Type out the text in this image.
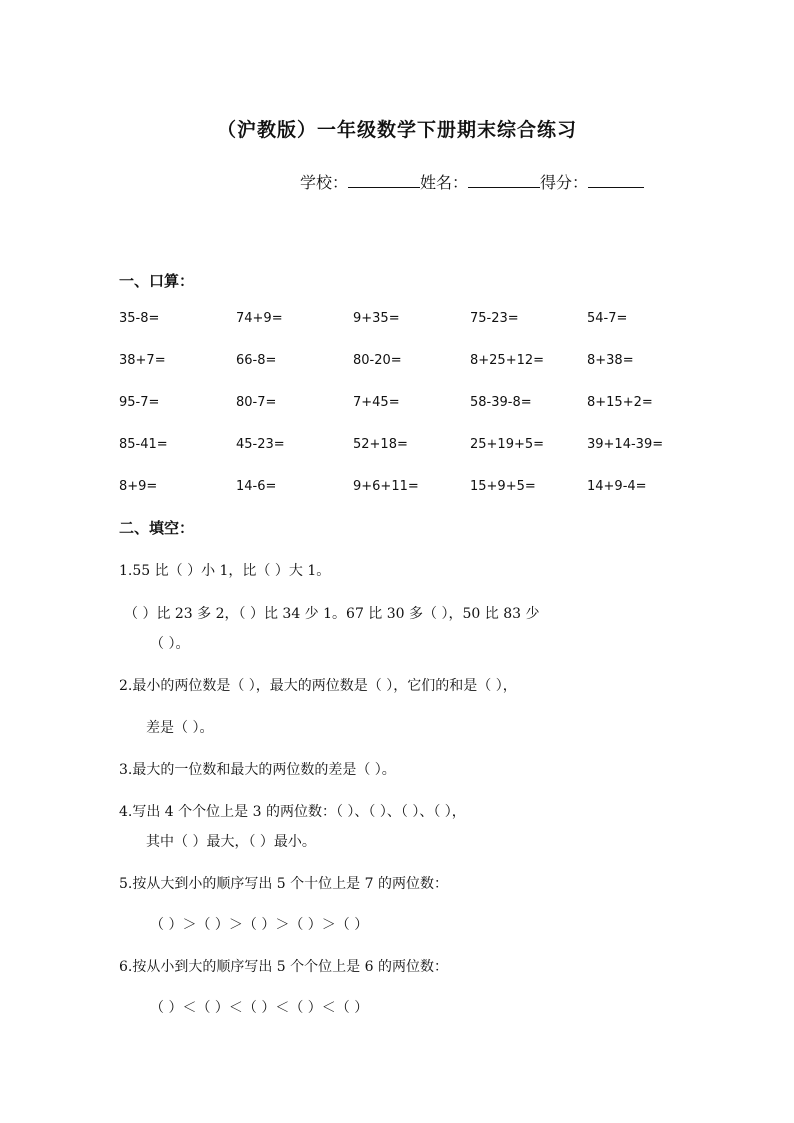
（沪教版）一年级数学下册期末综合练习
学校：	姓名：	得分：
一、口算：
35-8=	74+9=	9+35=	75-23=	54-7=
38+7=	66-8=	80-20=	8+25+12=	8+38=
95-7=	80-7=	7+45=	58-39-8=	8+15+2=
85-41=	45-23=	52+18=	25+19+5=	39+14-39=
8+9=	14-6=	9+6+11=	15+9+5=	14+9-4=
二、填空：
1.55 比（ ）小 1，比（ ）大 1。
（ ）比 23 多 2，（ ）比 34 少 1。67 比 30 多（ ），50 比 83 少
（ ）。
2.最小的两位数是（ ），最大的两位数是（ ），它们的和是（ ），
差是（ ）。
3.最大的一位数和最大的两位数的差是（ ）。
4.写出 4 个个位上是 3 的两位数：（ ）、（ ）、（ ）、（ ），
其中（ ）最大，（ ）最小。
5.按从大到小的顺序写出 5 个十位上是 7 的两位数：
（ ）＞（ ）＞（ ）＞（ ）＞（ ）
6.按从小到大的顺序写出 5 个个位上是 6 的两位数：
（ ）＜（ ）＜（ ）＜（ ）＜（ ）
